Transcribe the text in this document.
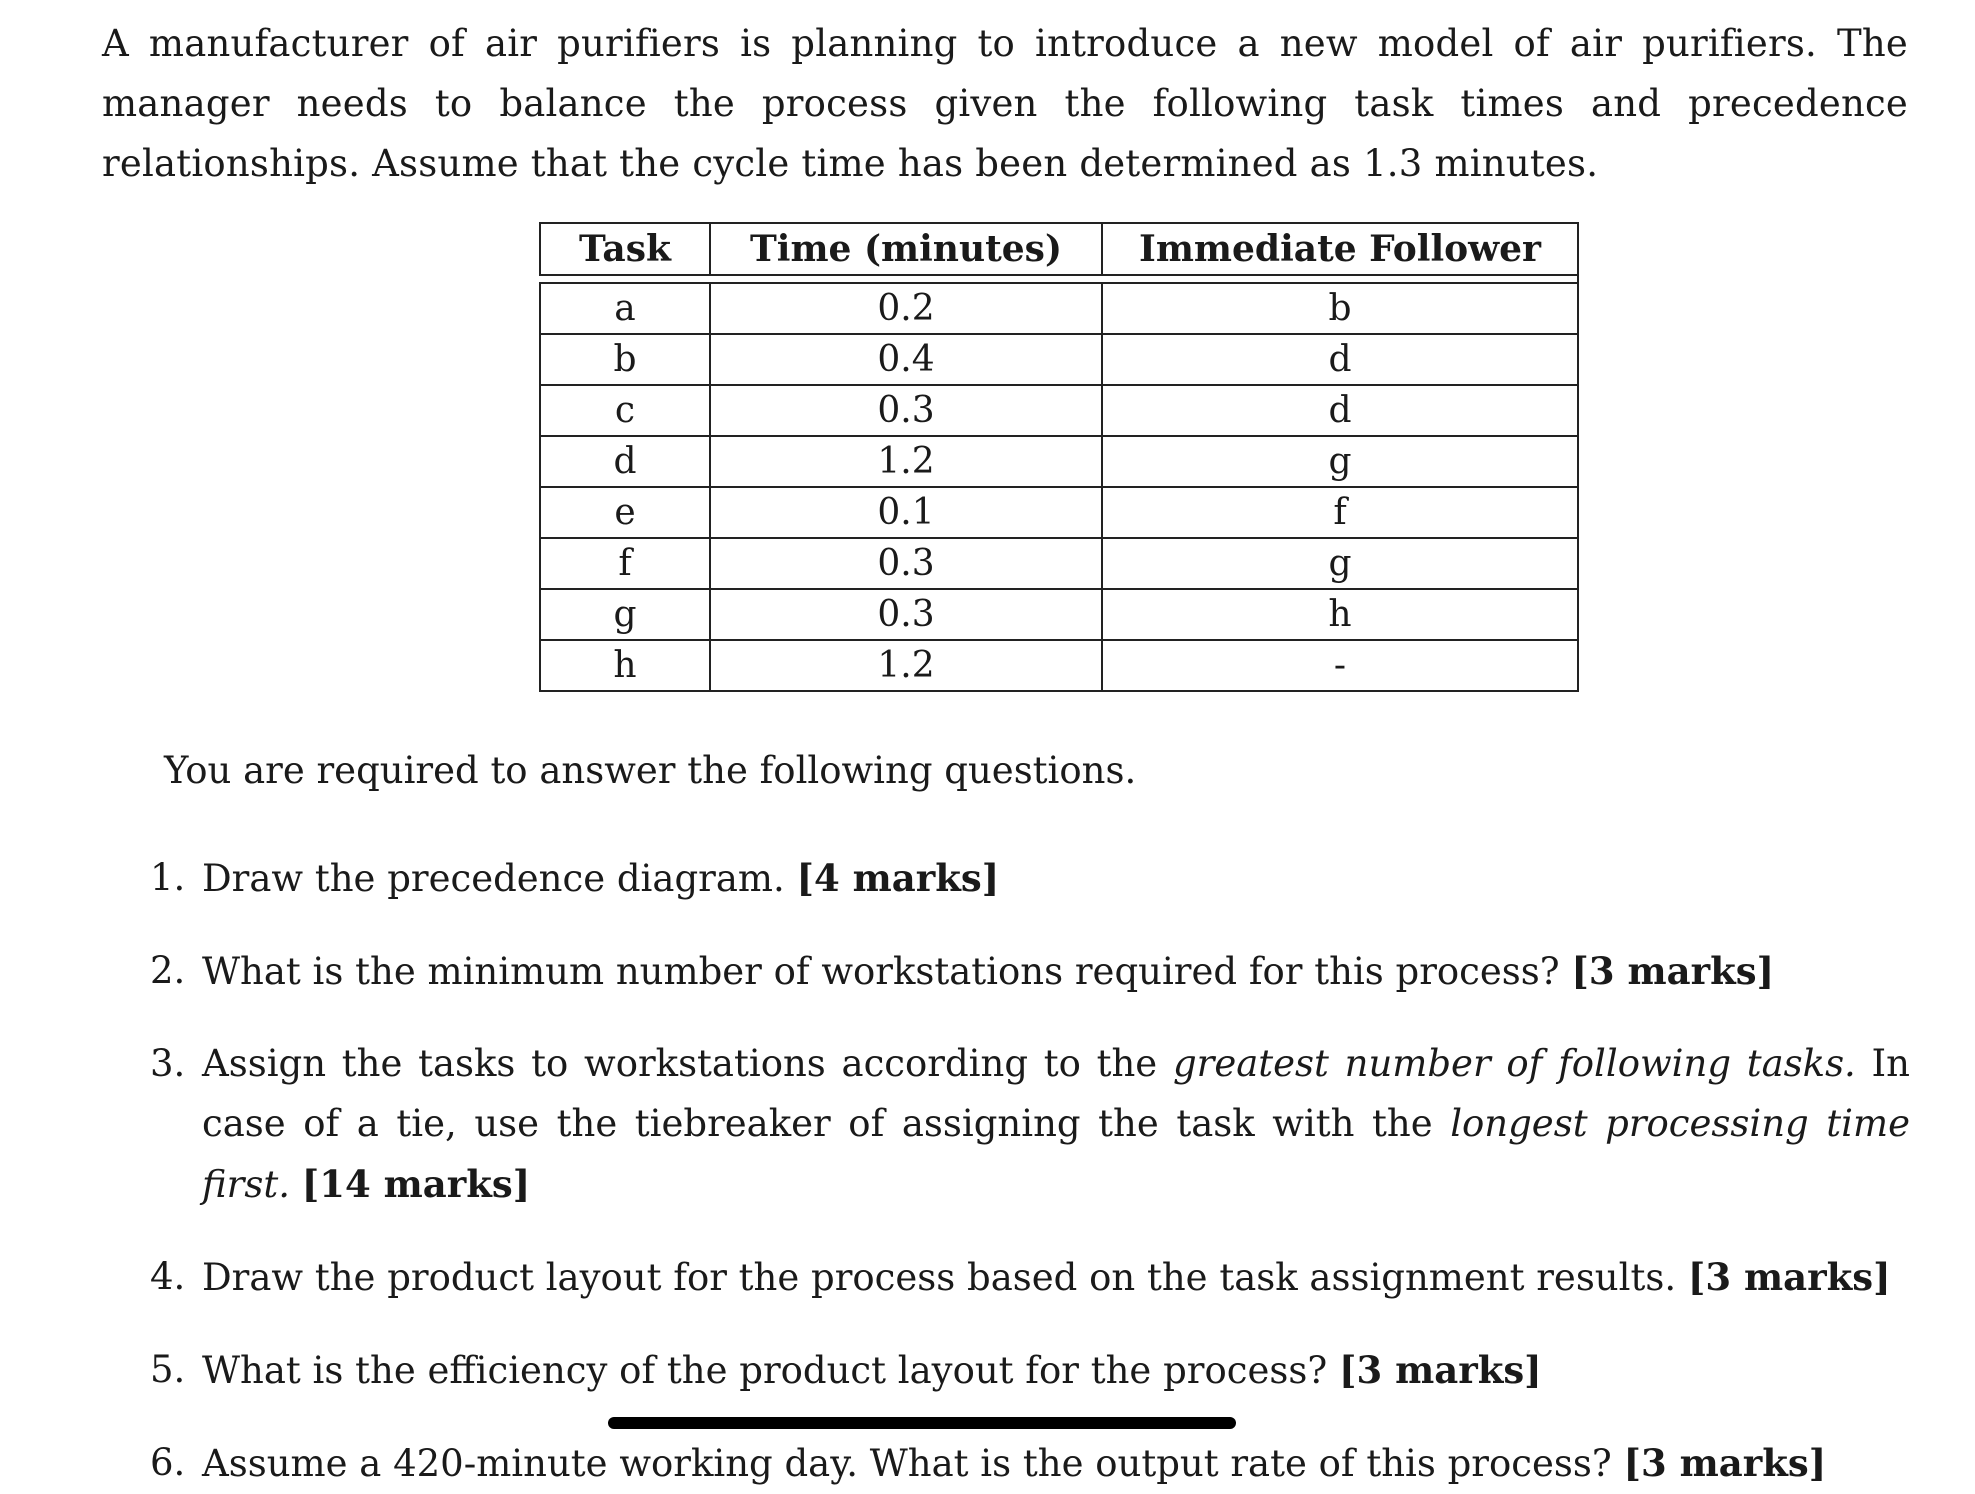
A manufacturer of air purifiers is planning to introduce a new model of air purifiers. The manager needs to balance the process given the following task times and precedence relationships. Assume that the cycle time has been determined as 1.3 minutes.

Task	Time (minutes)	Immediate Follower

a	0.2	b
b	0.4	d
c	0.3	d
d	1.2	g
e	0.1	f
f	0.3	g
g	0.3	h
h	1.2	-

You are required to answer the following questions.

1. Draw the precedence diagram. [4 marks]
2. What is the minimum number of workstations required for this process? [3 marks]
3. Assign the tasks to workstations according to the greatest number of following tasks. In case of a tie, use the tiebreaker of assigning the task with the longest processing time first. [14 marks]
4. Draw the product layout for the process based on the task assignment results. [3 marks]
5. What is the efficiency of the product layout for the process? [3 marks]
6. Assume a 420-minute working day. What is the output rate of this process? [3 marks]
